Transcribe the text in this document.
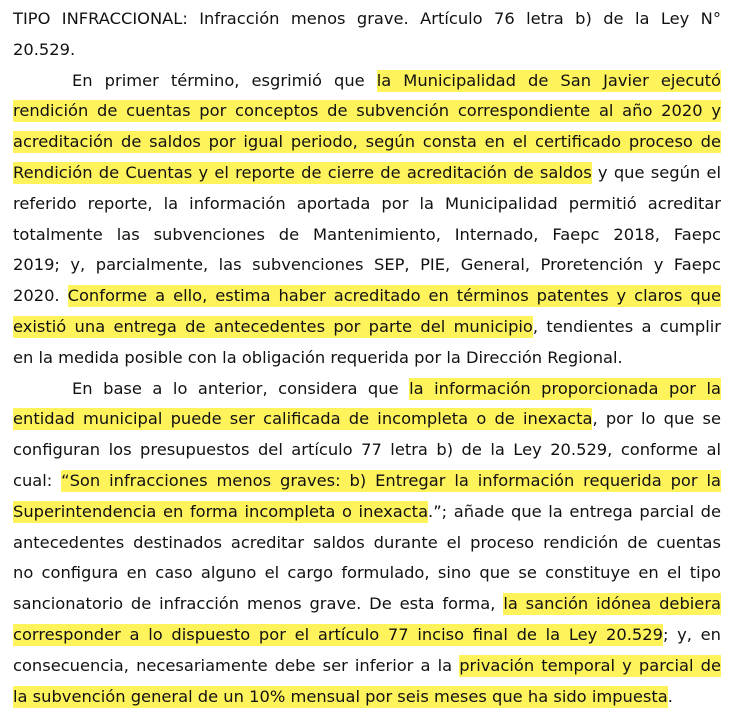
TIPO INFRACCIONAL: Infracción menos grave. Artículo 76 letra b) de la Ley N°
20.529.
En primer término, esgrimió que la Municipalidad de San Javier ejecutó
rendición de cuentas por conceptos de subvención correspondiente al año 2020 y
acreditación de saldos por igual periodo, según consta en el certificado proceso de
Rendición de Cuentas y el reporte de cierre de acreditación de saldos y que según el
referido reporte, la información aportada por la Municipalidad permitió acreditar
totalmente las subvenciones de Mantenimiento, Internado, Faepc 2018, Faepc
2019; y, parcialmente, las subvenciones SEP, PIE, General, Proretención y Faepc
2020. Conforme a ello, estima haber acreditado en términos patentes y claros que
existió una entrega de antecedentes por parte del municipio, tendientes a cumplir
en la medida posible con la obligación requerida por la Dirección Regional.
En base a lo anterior, considera que la información proporcionada por la
entidad municipal puede ser calificada de incompleta o de inexacta, por lo que se
configuran los presupuestos del artículo 77 letra b) de la Ley 20.529, conforme al
cual: “Son infracciones menos graves: b) Entregar la información requerida por la
Superintendencia en forma incompleta o inexacta.”; añade que la entrega parcial de
antecedentes destinados acreditar saldos durante el proceso rendición de cuentas
no configura en caso alguno el cargo formulado, sino que se constituye en el tipo
sancionatorio de infracción menos grave. De esta forma, la sanción idónea debiera
corresponder a lo dispuesto por el artículo 77 inciso final de la Ley 20.529; y, en
consecuencia, necesariamente debe ser inferior a la privación temporal y parcial de
la subvención general de un 10% mensual por seis meses que ha sido impuesta.
